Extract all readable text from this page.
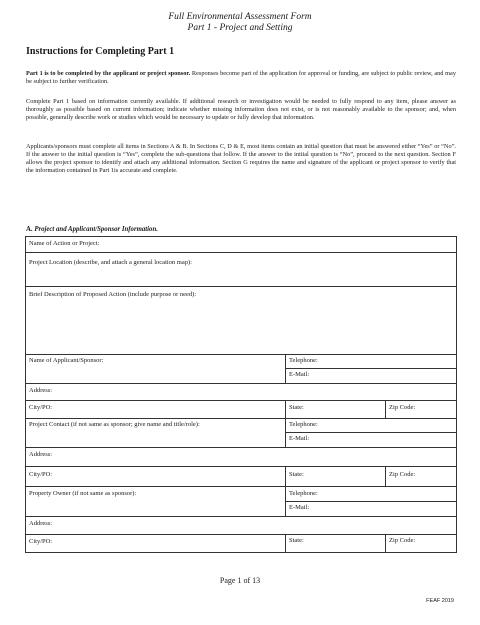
Full Environmental Assessment Form
Part 1 - Project and Setting
Instructions for Completing Part 1
Part 1 is to be completed by the applicant or project sponsor. Responses become part of the application for approval or funding, are subject to public review, and may be subject to further verification.
Complete Part 1 based on information currently available. If additional research or investigation would be needed to fully respond to any item, please answer as thoroughly as possible based on current information; indicate whether missing information does not exist, or is not reasonably available to the sponsor; and, when possible, generally describe work or studies which would be necessary to update or fully develop that information.
Applicants/sponsors must complete all items in Sections A & B. In Sections C, D & E, most items contain an initial question that must be answered either “Yes” or “No”. If the answer to the initial question is “Yes”, complete the sub-questions that follow. If the answer to the initial question is “No”, proceed to the next question. Section F allows the project sponsor to identify and attach any additional information. Section G requires the name and signature of the applicant or project sponsor to verify that the information contained in Part 1is accurate and complete.
A. Project and Applicant/Sponsor Information.
Name of Action or Project:
Project Location (describe, and attach a general location map):
Brief Description of Proposed Action (include purpose or need):
Name of Applicant/Sponsor:	Telephone:
E-Mail:
Address:
City/PO:	State:	Zip Code:
Project Contact (if not same as sponsor; give name and title/role):	Telephone:
E-Mail:
Address:
City/PO:	State:	Zip Code:
Property Owner (if not same as sponsor):	Telephone:
E-Mail:
Address:
City/PO:	State:	Zip Code:
Page 1 of 13
FEAF 2019
